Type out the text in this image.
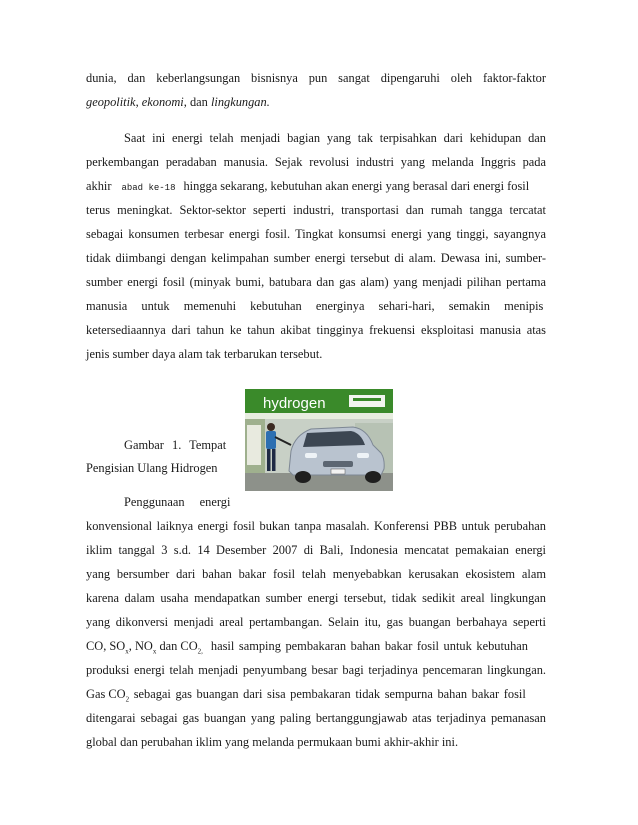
dunia, dan keberlangsungan bisnisnya pun sangat dipengaruhi oleh faktor-faktor
geopolitik, ekonomi, dan lingkungan.
Saat ini energi telah menjadi bagian yang tak terpisahkan dari kehidupan dan
perkembangan peradaban manusia. Sejak revolusi industri yang melanda Inggris pada
akhir abad ke-18 hingga sekarang, kebutuhan akan energi yang berasal dari energi fosil
terus meningkat. Sektor-sektor seperti industri, transportasi dan rumah tangga tercatat
sebagai konsumen terbesar energi fosil. Tingkat konsumsi energi yang tinggi, sayangnya
tidak diimbangi dengan kelimpahan sumber energi tersebut di alam. Dewasa ini, sumber-
sumber energi fosil (minyak bumi, batubara dan gas alam) yang menjadi pilihan pertama
manusia untuk memenuhi kebutuhan energinya sehari-hari, semakin menipis
ketersediaannya dari tahun ke tahun akibat tingginya frekuensi eksploitasi manusia atas
jenis sumber daya alam tak terbarukan tersebut.
hydrogen
Gambar 1. Tempat
Pengisian Ulang Hidrogen
Penggunaan energi
konvensional laiknya energi fosil bukan tanpa masalah. Konferensi PBB untuk perubahan
iklim tanggal 3 s.d. 14 Desember 2007 di Bali, Indonesia mencatat pemakaian energi
yang bersumber dari bahan bakar fosil telah menyebabkan kerusakan ekosistem alam
karena dalam usaha mendapatkan sumber energi tersebut, tidak sedikit areal lingkungan
yang dikonversi menjadi areal pertambangan. Selain itu, gas buangan berbahaya seperti
CO, $SO_x$, $NO_x$ dan $CO_{2,}$ hasil samping pembakaran bahan bakar fosil untuk kebutuhan
produksi energi telah menjadi penyumbang besar bagi terjadinya pencemaran lingkungan.
Gas $CO_2$ sebagai gas buangan dari sisa pembakaran tidak sempurna bahan bakar fosil
ditengarai sebagai gas buangan yang paling bertanggungjawab atas terjadinya pemanasan
global dan perubahan iklim yang melanda permukaan bumi akhir-akhir ini.
